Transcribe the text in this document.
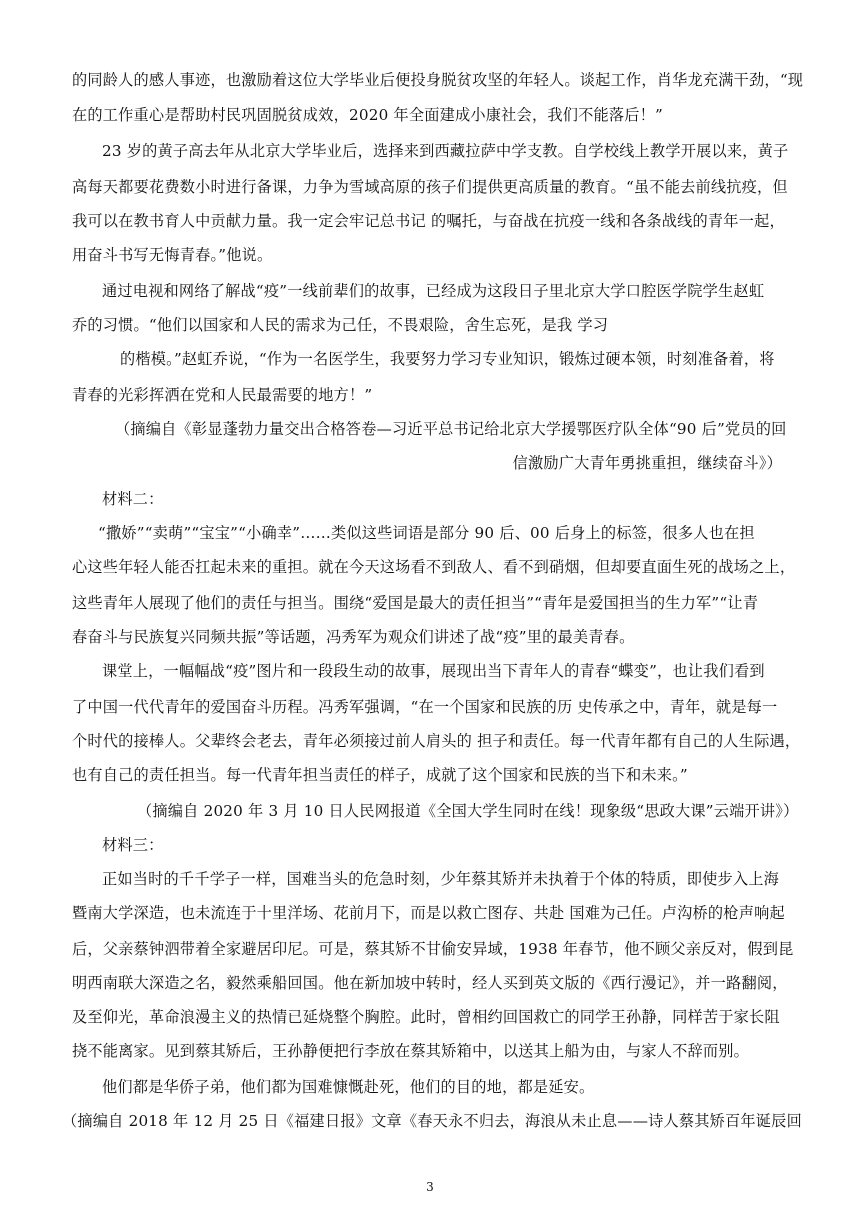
的同龄人的感人事迹，也激励着这位大学毕业后便投身脱贫攻坚的年轻人。谈起工作，肖华龙充满干劲，“现
在的工作重心是帮助村民巩固脱贫成效，2020 年全面建成小康社会，我们不能落后！”
23 岁的黄子高去年从北京大学毕业后，选择来到西藏拉萨中学支教。自学校线上教学开展以来，黄子
高每天都要花费数小时进行备课，力争为雪域高原的孩子们提供更高质量的教育。“虽不能去前线抗疫，但
我可以在教书育人中贡献力量。我一定会牢记总书记 的嘱托，与奋战在抗疫一线和各条战线的青年一起，
用奋斗书写无悔青春。”他说。
通过电视和网络了解战“疫”一线前辈们的故事，已经成为这段日子里北京大学口腔医学院学生赵虹
乔的习惯。“他们以国家和人民的需求为己任，不畏艰险，舍生忘死，是我 学习
的楷模。”赵虹乔说，“作为一名医学生，我要努力学习专业知识，锻炼过硬本领，时刻准备着，将
青春的光彩挥洒在党和人民最需要的地方！”
（摘编自《彰显蓬勃力量交出合格答卷—习近平总书记给北京大学援鄂医疗队全体“90 后”党员的回
信激励广大青年勇挑重担，继续奋斗》）
材料二：
“撒娇”“卖萌”“宝宝”“小确幸”……类似这些词语是部分 90 后、00 后身上的标签，很多人也在担
心这些年轻人能否扛起未来的重担。就在今天这场看不到敌人、看不到硝烟，但却要直面生死的战场之上，
这些青年人展现了他们的责任与担当。围绕“爱国是最大的责任担当”“青年是爱国担当的生力军”“让青
春奋斗与民族复兴同频共振”等话题，冯秀军为观众们讲述了战“疫”里的最美青春。
课堂上，一幅幅战“疫”图片和一段段生动的故事，展现出当下青年人的青春“蝶变”，也让我们看到
了中国一代代青年的爱国奋斗历程。冯秀军强调，“在一个国家和民族的历 史传承之中，青年，就是每一
个时代的接棒人。父辈终会老去，青年必须接过前人肩头的 担子和责任。每一代青年都有自己的人生际遇，
也有自己的责任担当。每一代青年担当责任的样子，成就了这个国家和民族的当下和未来。”
（摘编自 2020 年 3 月 10 日人民网报道《全国大学生同时在线！现象级“思政大课”云端开讲》）
材料三：
正如当时的千千学子一样，国难当头的危急时刻，少年蔡其矫并未执着于个体的特质，即使步入上海
暨南大学深造，也未流连于十里洋场、花前月下，而是以救亡图存、共赴 国难为己任。卢沟桥的枪声响起
后，父亲蔡钟泗带着全家避居印尼。可是，蔡其矫不甘偷安异域，1938 年春节，他不顾父亲反对，假到昆
明西南联大深造之名，毅然乘船回国。他在新加坡中转时，经人买到英文版的《西行漫记》，并一路翻阅，
及至仰光，革命浪漫主义的热情已延烧整个胸腔。此时，曾相约回国救亡的同学王孙静，同样苦于家长阻
挠不能离家。见到蔡其矫后，王孙静便把行李放在蔡其矫箱中，以送其上船为由，与家人不辞而别。
他们都是华侨子弟，他们都为国难慷慨赴死，他们的目的地，都是延安。
（摘编自 2018 年 12 月 25 日《福建日报》文章《春天永不归去，海浪从未止息——诗人蔡其矫百年诞辰回
3
